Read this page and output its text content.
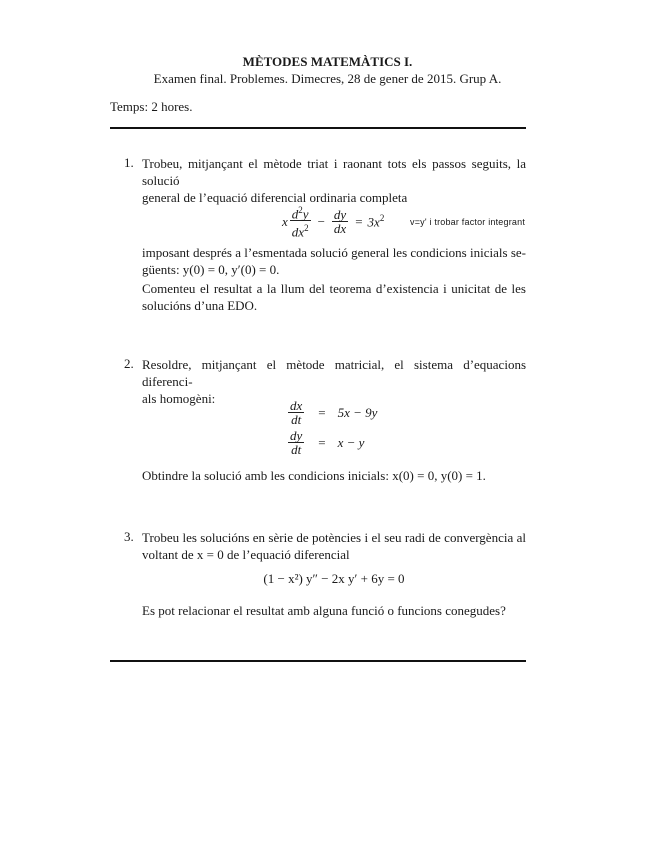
MÈTODES MATEMÀTICS I.
Examen final. Problemes. Dimecres, 28 de gener de 2015. Grup A.
Temps: 2 hores.
1. Trobeu, mitjançant el mètode triat i raonant tots els passos seguits, la solució
general de l’equació diferencial ordinaria completa
x $\frac{d^2y}{dx^2} - \frac{dy}{dx} = 3x^2$	v=y' i trobar factor integrant
imposant després a l’esmentada solució general les condicions inicials se-
güents: y(0) = 0, y′(0) = 0.
Comenteu el resultat a la llum del teorema d’existencia i unicitat de les
solucións d’una EDO.
2. Resoldre, mitjançant el mètode matricial, el sistema d’equacions diferenci-
als homogèni:
$\frac{dx}{dt} = 5x - 9y$
$\frac{dy}{dt} = x - y$
Obtindre la solució amb les condicions inicials: x(0) = 0, y(0) = 1.
3. Trobeu les solucións en sèrie de potències i el seu radi de convergència al
voltant de x = 0 de l’equació diferencial
(1 − x²) y″ − 2x y′ + 6y = 0
Es pot relacionar el resultat amb alguna funció o funcions conegudes?
